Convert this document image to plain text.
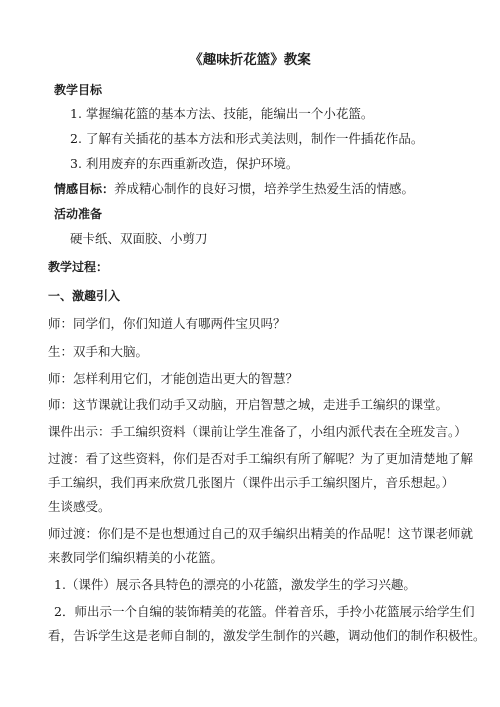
《趣味折花篮》教案
教学目标
1. 掌握编花篮的基本方法、技能，能编出一个小花篮。
2. 了解有关插花的基本方法和形式美法则，制作一件插花作品。
3. 利用废弃的东西重新改造，保护环境。
情感目标：养成精心制作的良好习惯，培养学生热爱生活的情感。
活动准备
硬卡纸、双面胶、小剪刀
教学过程：
一、激趣引入
师：同学们，你们知道人有哪两件宝贝吗？
生：双手和大脑。
师：怎样利用它们，才能创造出更大的智慧？
师：这节课就让我们动手又动脑，开启智慧之城，走进手工编织的课堂。
课件出示：手工编织资料（课前让学生准备了，小组内派代表在全班发言。）
过渡：看了这些资料，你们是否对手工编织有所了解呢？为了更加清楚地了解
手工编织，我们再来欣赏几张图片（课件出示手工编织图片，音乐想起。）
生谈感受。
师过渡：你们是不是也想通过自己的双手编织出精美的作品呢！这节课老师就
来教同学们编织精美的小花篮。
1.（课件）展示各具特色的漂亮的小花篮，激发学生的学习兴趣。
2．师出示一个自编的装饰精美的花篮。伴着音乐，手拎小花篮展示给学生们
看，告诉学生这是老师自制的，激发学生制作的兴趣，调动他们的制作积极性。
